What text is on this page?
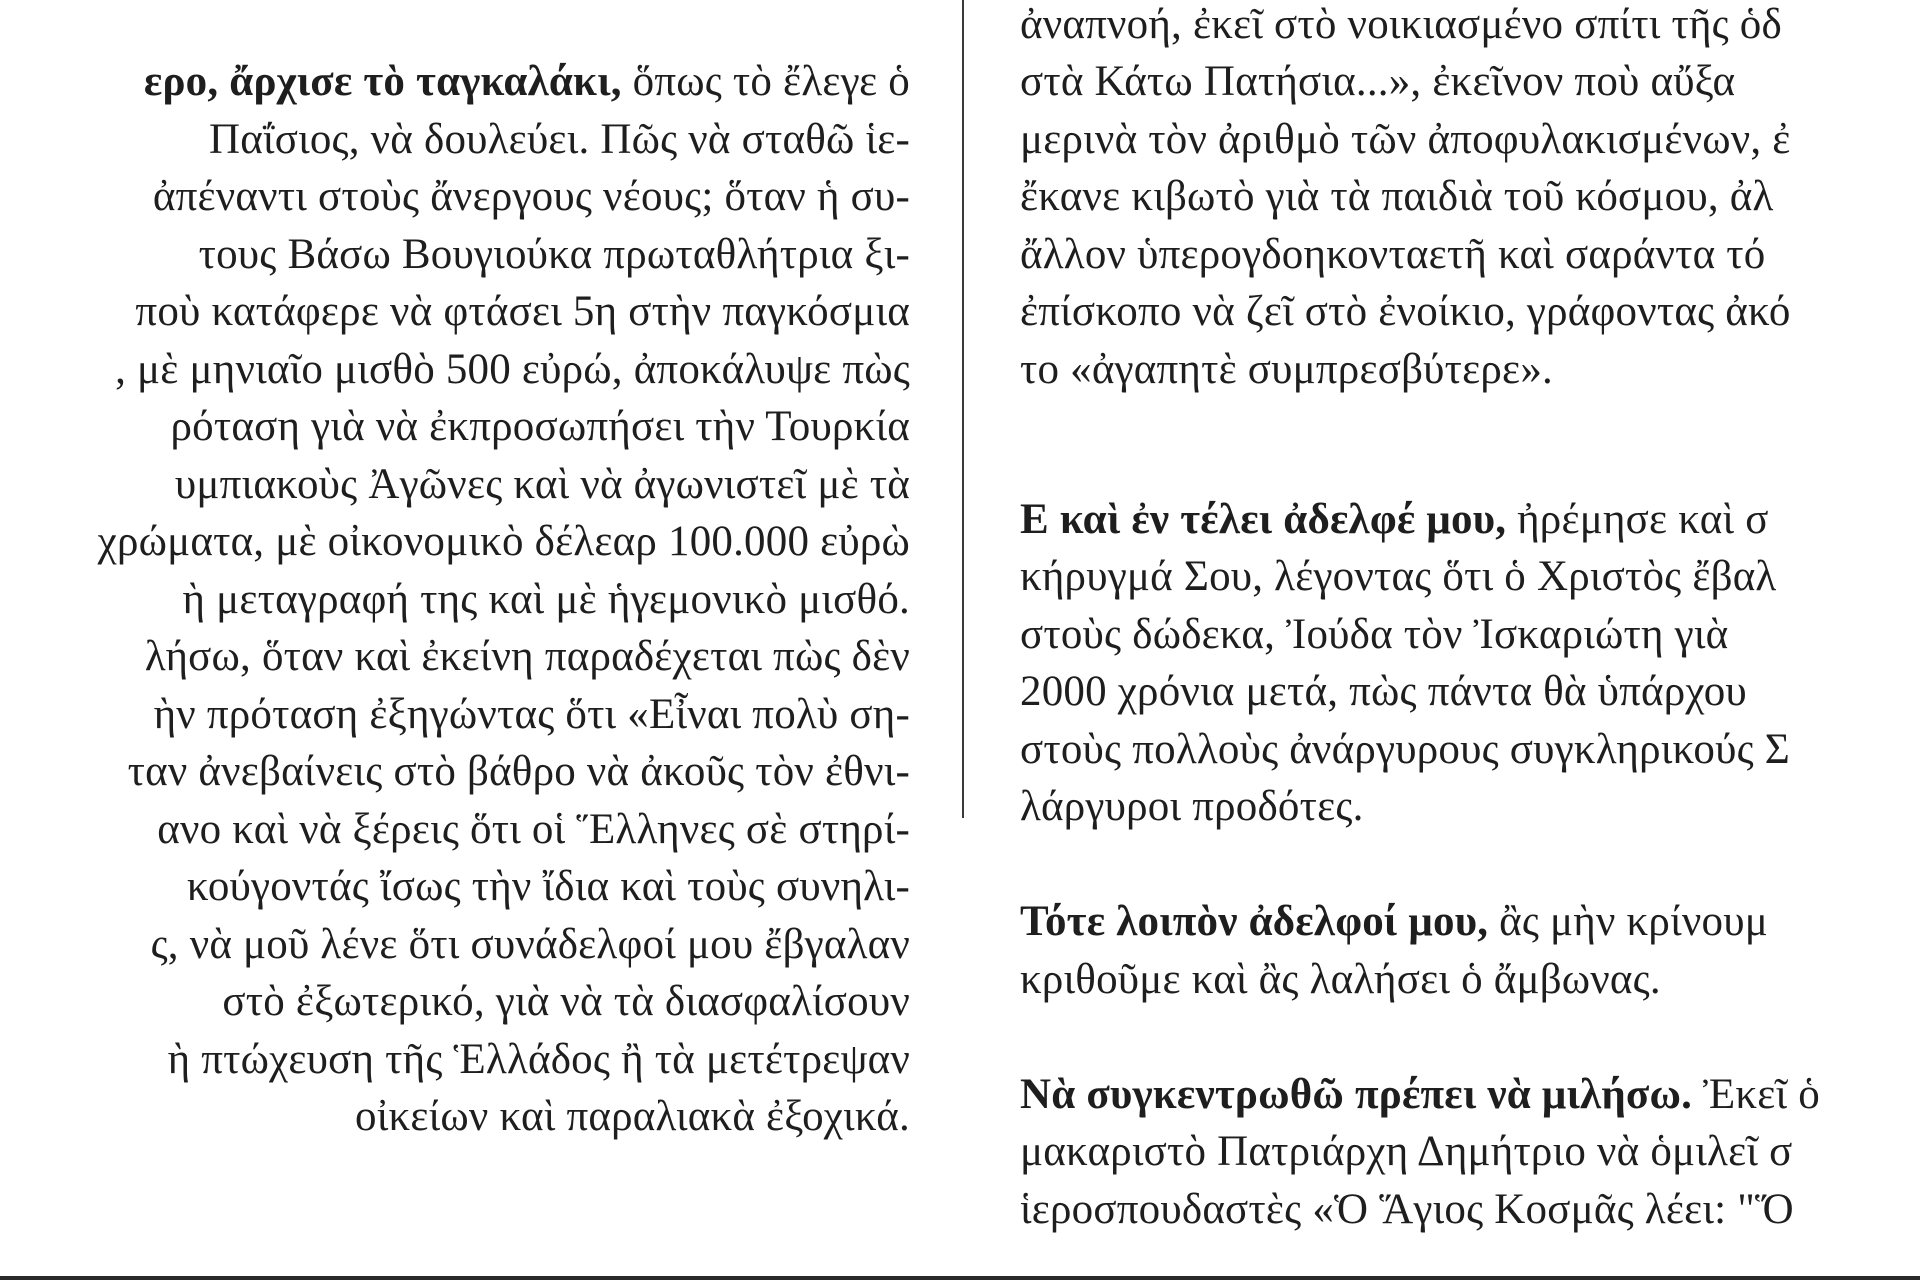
ερο, ἄρχισε τὸ ταγκαλάκι, ὅπως τὸ ἔλεγε ὁ
Παΐσιος, νὰ δουλεύει. Πῶς νὰ σταθῶ ἱε-
ἀπέναντι στοὺς ἄνεργους νέους; ὅταν ἡ συ-
τους Βάσω Βουγιούκα πρωταθλήτρια ξι-
ποὺ κατάφερε νὰ φτάσει 5η στὴν παγκόσμια
, μὲ μηνιαῖο μισθὸ 500 εὐρώ, ἀποκάλυψε πὼς
ρόταση γιὰ νὰ ἐκπροσωπήσει τὴν Τουρκία
υμπιακοὺς Ἀγῶνες καὶ νὰ ἀγωνιστεῖ μὲ τὰ
χρώματα, μὲ οἰκονομικὸ δέλεαρ 100.000 εὐρὼ
ὴ μεταγραφή της καὶ μὲ ἡγεμονικὸ μισθό.
λήσω, ὅταν καὶ ἐκείνη παραδέχεται πὼς δὲν
ὴν πρόταση ἐξηγώντας ὅτι «Εἶναι πολὺ ση-
ταν ἀνεβαίνεις στὸ βάθρο νὰ ἀκοῦς τὸν ἐθνι-
ανο καὶ νὰ ξέρεις ὅτι οἱ Ἕλληνες σὲ στηρί-
κούγοντάς ἴσως τὴν ἴδια καὶ τοὺς συνηλι-
ς, νὰ μοῦ λένε ὅτι συνάδελφοί μου ἔβγαλαν
στὸ ἐξωτερικό, γιὰ νὰ τὰ διασφαλίσουν
ὴ πτώχευση τῆς Ἑλλάδος ἢ τὰ μετέτρεψαν
οἰκείων καὶ παραλιακὰ ἐξοχικά.
ἀναπνοή, ἐκεῖ στὸ νοικιασμένο σπίτι τῆς ὁδ
στὰ Κάτω Πατήσια...», ἐκεῖνον ποὺ αὔξα
μερινὰ τὸν ἀριθμὸ τῶν ἀποφυλακισμένων, ἐ
ἔκανε κιβωτὸ γιὰ τὰ παιδιὰ τοῦ κόσμου, ἀλ
ἄλλον ὑπερογδοηκονταετῆ καὶ σαράντα τό
ἐπίσκοπο νὰ ζεῖ στὸ ἐνοίκιο, γράφοντας ἀκό
το «ἀγαπητὲ συμπρεσβύτερε».
Ε καὶ ἐν τέλει ἀδελφέ μου, ἠρέμησε καὶ σ
κήρυγμά Σου, λέγοντας ὅτι ὁ Χριστὸς ἔβαλ
στοὺς δώδεκα, Ἰούδα τὸν Ἰσκαριώτη γιὰ
2000 χρόνια μετά, πὼς πάντα θὰ ὑπάρχου
στοὺς πολλοὺς ἀνάργυρους συγκληρικούς Σ
λάργυροι προδότες.
Τότε λοιπὸν ἀδελφοί μου, ἂς μὴν κρίνουμ
κριθοῦμε καὶ ἂς λαλήσει ὁ ἄμβωνας.
Νὰ συγκεντρωθῶ πρέπει νὰ μιλήσω. Ἐκεῖ ὁ
μακαριστὸ Πατριάρχη Δημήτριο νὰ ὁμιλεῖ σ
ἱεροσπουδαστὲς «Ὁ Ἅγιος Κοσμᾶς λέει: "Ὅ
